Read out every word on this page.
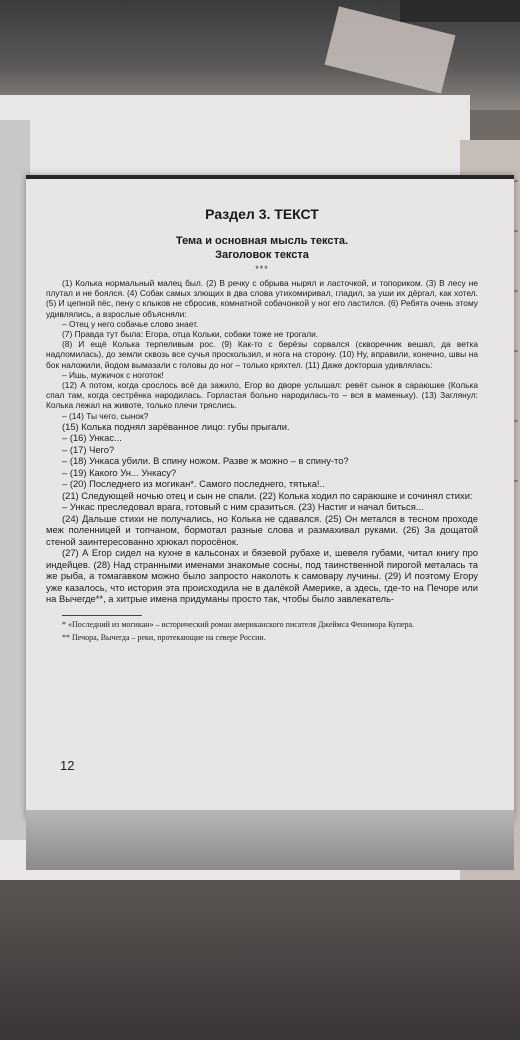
Раздел 3. ТЕКСТ
Тема и основная мысль текста.
Заголовок текста
***

(1) Колька нормальный малец был. (2) В речку с обрыва нырял и ласточкой, и топориком. (3) В лесу не плутал и не боялся. (4) Собак самых злющих в два слова утихомиривал, гладил, за уши их дёргал, как хотел. (5) И цепной пёс, пену с клыков не сбросив, комнатной собачонкой у ног его ластился. (6) Ребята очень этому удивлялись, а взрослые объясняли:

– Отец у него собачье слово знает.

(7) Правда тут была: Егора, отца Кольки, собаки тоже не трогали.

(8) И ещё Колька терпеливым рос. (9) Как-то с берёзы сорвался (скворечник вешал, да ветка надломилась), до земли сквозь все сучья проскользил, и нога на сторону. (10) Ну, вправили, конечно, швы на бок наложили, йодом вымазали с головы до ног – только кряхтел. (11) Даже докторша удивлялась:

– Ишь, мужичок с ноготок!

(12) А потом, когда срослось всё да зажило, Егор во дворе услышал: ревёт сынок в сараюшке (Колька спал там, когда сестрёнка народилась. Горластая больно народилась-то – вся в маменьку). (13) Заглянул: Колька лежал на животе, только плечи тряслись.

– (14) Ты чего, сынок?

(15) Колька поднял зарёванное лицо: губы прыгали.

– (16) Ункас...

– (17) Чего?

– (18) Ункаса убили. В спину ножом. Разве ж можно – в спину-то?

– (19) Какого Ун... Ункасу?

– (20) Последнего из могикан*. Самого последнего, тятька!..

(21) Следующей ночью отец и сын не спали. (22) Колька ходил по сараюшке и сочинял стихи:

– Ункас преследовал врага, готовый с ним сразиться. (23) Настиг и начал биться...

(24) Дальше стихи не получались, но Колька не сдавался. (25) Он метался в тесном проходе меж поленницей и топчаном, бормотал разные слова и размахивал руками. (26) За дощатой стеной заинтересованно хрюкал поросёнок.

(27) А Егор сидел на кухне в кальсонах и бязевой рубахе и, шевеля губами, читал книгу про индейцев. (28) Над странными именами знакомые сосны, под таинственной пирогой металась та же рыба, а томагавком можно было запросто наколоть к самовару лучины. (29) И поэтому Егору уже казалось, что история эта происходила не в далёкой Америке, а здесь, где-то на Печоре или на Вычегде**, а хитрые имена придуманы просто так, чтобы было завлекатель-

* «Последний из могикан» – исторический роман американского писателя Джеймса Фенимора Купера.

** Печора, Вычегда – реки, протекающие на севере России.

12
